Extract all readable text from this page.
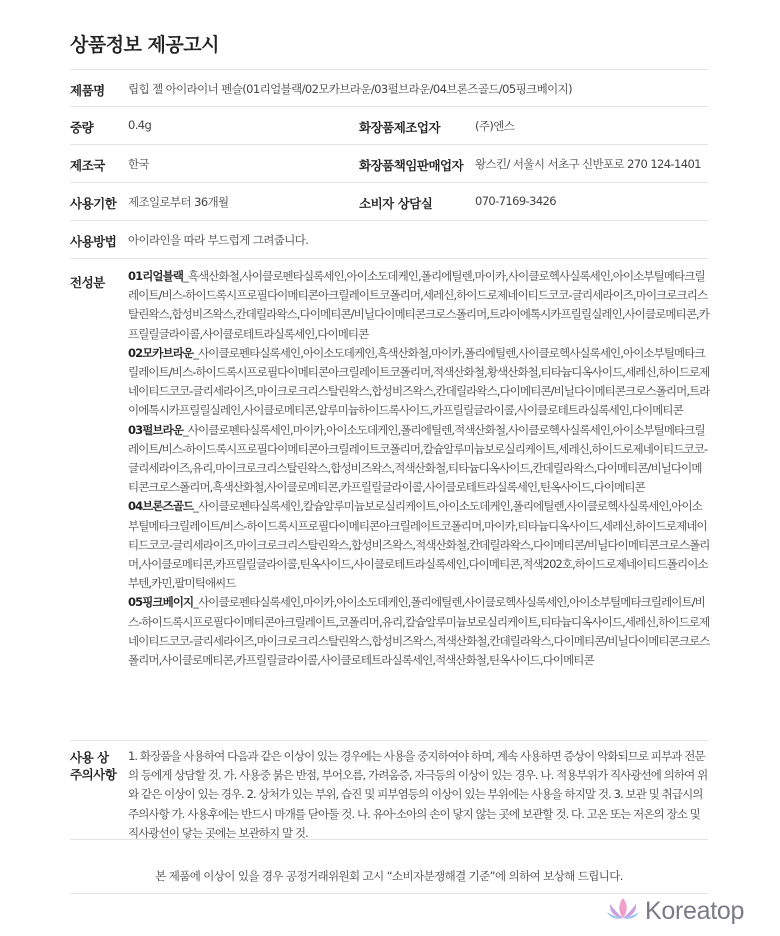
상품정보 제공고시
제품명 립힙 젤 아이라이너 펜슬(01리얼블랙/02모카브라운/03펄브라운/04브론즈골드/05핑크베이지)
중량	0.4g	화장품제조업자	(주)엔스
제조국 한국	화장품책임판매업자 왕스킨/ 서울시 서초구 신반포로 270 124-1401
사용기한 제조일로부터 36개월	소비자 상담실	070-7169-3426
사용방법 아이라인을 따라 부드럽게 그려줍니다.
전성분 01리얼블랙_흑색산화철,사이클로펜타실록세인,아이소도데케인,폴리에틸렌,마이카,사이클로헥사실록세인,아이소부틸메타크릴레이트/비스-하이드록시프로필다이메티콘아크릴레이트코폴리머,세레신,하이드로제네이티드코코-글리세라이즈,마이크로크리스탈린왁스,합성비즈왁스,칸데릴라왁스,다이메티콘/비닐다이메티콘크로스폴리머,트라이에톡시카프릴릴실레인,사이클로메티콘,카프릴릴글라이콜,사이클로테트라실록세인,다이메티콘
02모카브라운_사이클로펜타실록세인,아이소도데케인,흑색산화철,마이카,폴리에틸렌,사이클로헥사실록세인,아이소부틸메타크릴레이트/비스-하이드록시프로필다이메티콘아크릴레이트코폴리머,적색산화철,황색산화철,티타늄디옥사이드,세레신,하이드로제네이티드코코-글리세라이즈,마이크로크리스탈린왁스,합성비즈왁스,칸데릴라왁스,다이메티콘/비닐다이메티콘크로스폴리머,트라이에톡시카프릴릴실레인,사이클로메티콘,알루미늄하이드록사이드,카프릴릴글라이콜,사이클로테트라실록세인,다이메티콘
03펄브라운_사이클로펜타실록세인,마이카,아이소도데케인,폴리에틸렌,적색산화철,사이클로헥사실록세인,아이소부틸메타크릴레이트/비스-하이드록시프로필다이메티콘아크릴레이트코폴리머,칼슘알루미늄보로실리케이트,세레신,하이드로제네이티드코코-글리세라이즈,유리,마이크로크리스탈린왁스,합성비즈왁스,적색산화철,티타늄디옥사이드,칸데릴라왁스,다이메티콘/비닐다이메티콘크로스폴리머,흑색산화철,사이클로메티콘,카프릴릴글라이콜,사이클로테트라실록세인,틴옥사이드,다이메티콘
04브론즈골드_사이클로펜타실록세인,칼슘알루미늄보로실리케이트,아이소도데케인,폴리에틸렌,사이클로헥사실록세인,아이소부틸메타크릴레이트/비스-하이드록시프로필다이메티콘아크릴레이트코폴리머,마이카,티타늄디옥사이드,세레신,하이드로제네이티드코코-글리세라이즈,마이크로크리스탈린왁스,합성비즈왁스,적색산화철,칸데릴라왁스,다이메티콘/비닐다이메티콘크로스폴리머,사이클로메티콘,카프릴릴글라이콜,틴옥사이드,사이클로테트라실록세인,다이메티콘,적색202호,하이드로제네이티드폴리이소부텐,카민,팔미틱애씨드
05핑크베이지_사이클로펜타실록세인,마이카,아이소도데케인,폴리에틸렌,사이클로헥사실록세인,아이소부틸메타크릴레이트/비스-하이드록시프로필다이메티콘아크릴레이트,코폴리머,유리,칼슘알루미늄보로실리케이트,티타늄디옥사이드,세레신,하이드로제네이티드코코-글리세라이즈,마이크로크리스탈린왁스,합성비즈왁스,적색산화철,칸데릴라왁스,다이메티콘/비닐다이메티콘크로스폴리머,사이클로메티콘,카프릴릴글라이콜,사이클로테트라실록세인,적색산화철,틴옥사이드,다이메티콘
사용 상
주의사항
1. 화장품을 사용하여 다음과 같은 이상이 있는 경우에는 사용을 중지하여야 하며, 계속 사용하면 증상이 악화되므로 피부과 전문의 등에게 상담할 것. 가. 사용중 붉은 반점, 부어오름, 가려움증, 자극등의 이상이 있는 경우. 나. 적용부위가 직사광선에 의하여 위와 같은 이상이 있는 경우. 2. 상처가 있는 부위, 습진 및 피부염등의 이상이 있는 부위에는 사용을 하지말 것. 3. 보관 및 취급시의 주의사항 가. 사용후에는 반드시 마개를 닫아둘 것. 나. 유아·소아의 손이 닿지 않는 곳에 보관할 것. 다. 고온 또는 저온의 장소 및 직사광선이 닿는 곳에는 보관하지 말 것.
본 제품에 이상이 있을 경우 공정거래위원회 고시 “소비자분쟁해결 기준”에 의하여 보상해 드립니다.
Koreatop
